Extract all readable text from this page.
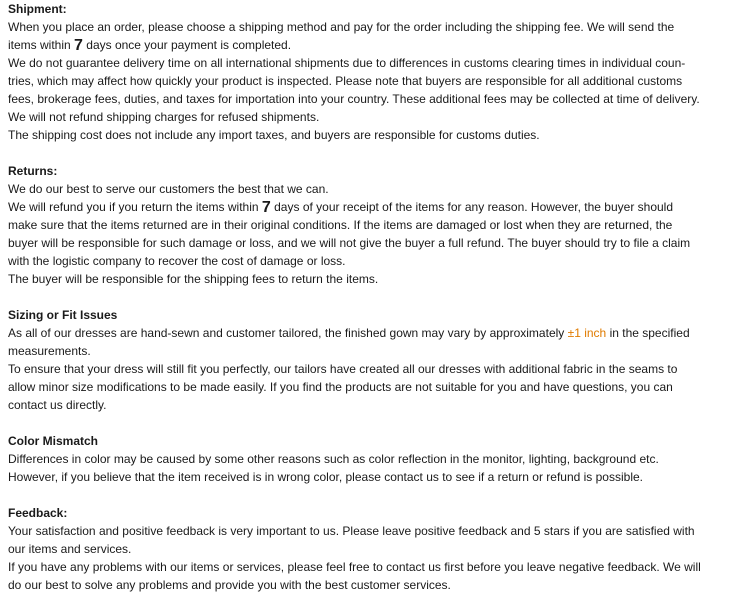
Shipment:
When you place an order, please choose a shipping method and pay for the order including the shipping fee. We will send the
items within 7 days once your payment is completed.
We do not guarantee delivery time on all international shipments due to differences in customs clearing times in individual coun-
tries, which may affect how quickly your product is inspected. Please note that buyers are responsible for all additional customs
fees, brokerage fees, duties, and taxes for importation into your country. These additional fees may be collected at time of delivery.
We will not refund shipping charges for refused shipments.
The shipping cost does not include any import taxes, and buyers are responsible for customs duties.
Returns:
We do our best to serve our customers the best that we can.
We will refund you if you return the items within 7 days of your receipt of the items for any reason. However, the buyer should
make sure that the items returned are in their original conditions. If the items are damaged or lost when they are returned, the
buyer will be responsible for such damage or loss, and we will not give the buyer a full refund. The buyer should try to file a claim
with the logistic company to recover the cost of damage or loss.
The buyer will be responsible for the shipping fees to return the items.
Sizing or Fit Issues
As all of our dresses are hand-sewn and customer tailored, the finished gown may vary by approximately ±1 inch in the specified
measurements.
To ensure that your dress will still fit you perfectly, our tailors have created all our dresses with additional fabric in the seams to
allow minor size modifications to be made easily. If you find the products are not suitable for you and have questions, you can
contact us directly.
Color Mismatch
Differences in color may be caused by some other reasons such as color reflection in the monitor, lighting, background etc.
However, if you believe that the item received is in wrong color, please contact us to see if a return or refund is possible.
Feedback:
Your satisfaction and positive feedback is very important to us. Please leave positive feedback and 5 stars if you are satisfied with
our items and services.
If you have any problems with our items or services, please feel free to contact us first before you leave negative feedback. We will
do our best to solve any problems and provide you with the best customer services.
